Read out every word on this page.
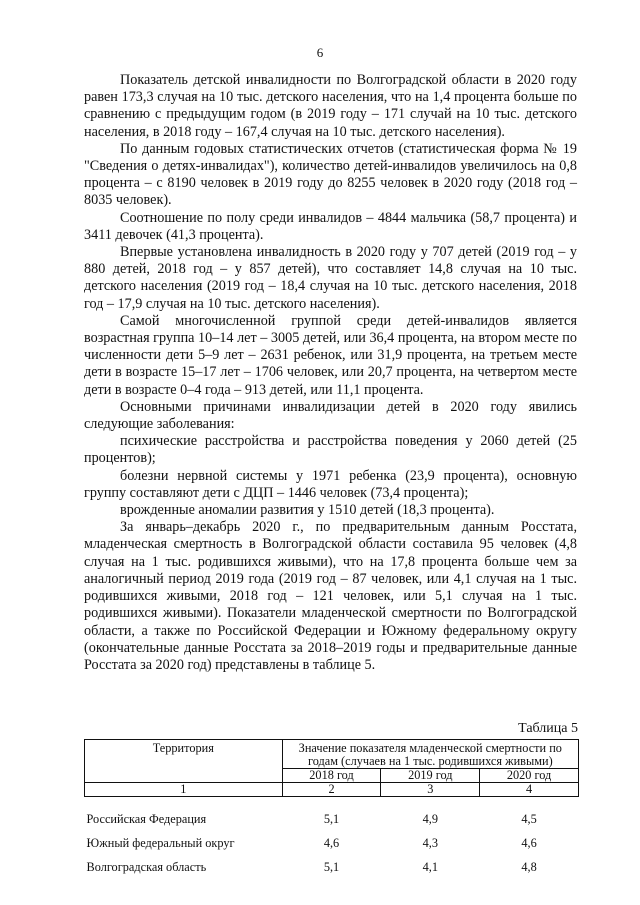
6

Показатель детской инвалидности по Волгоградской области в 2020 году равен 173,3 случая на 10 тыс. детского населения, что на 1,4 процента больше по сравнению с предыдущим годом (в 2019 году – 171 случай на 10 тыс. детского населения, в 2018 году – 167,4 случая на 10 тыс. детского населения).

По данным годовых статистических отчетов (статистическая форма № 19 "Сведения о детях-инвалидах"), количество детей-инвалидов увеличилось на 0,8 процента – с 8190 человек в 2019 году до 8255 человек в 2020 году (2018 год – 8035 человек).

Соотношение по полу среди инвалидов – 4844 мальчика (58,7 процента) и 3411 девочек (41,3 процента).

Впервые установлена инвалидность в 2020 году у 707 детей (2019 год – у 880 детей, 2018 год – у 857 детей), что составляет 14,8 случая на 10 тыс. детского населения (2019 год – 18,4 случая на 10 тыс. детского населения, 2018 год – 17,9 случая на 10 тыс. детского населения).

Самой многочисленной группой среди детей-инвалидов является возрастная группа 10–14 лет – 3005 детей, или 36,4 процента, на втором месте по численности дети 5–9 лет – 2631 ребенок, или 31,9 процента, на третьем месте дети в возрасте 15–17 лет – 1706 человек, или 20,7 процента, на четвертом месте дети в возрасте 0–4 года – 913 детей, или 11,1 процента.

Основными причинами инвалидизации детей в 2020 году явились следующие заболевания:

психические расстройства и расстройства поведения у 2060 детей (25 процентов);

болезни нервной системы у 1971 ребенка (23,9 процента), основную группу составляют дети с ДЦП – 1446 человек (73,4 процента);

врожденные аномалии развития у 1510 детей (18,3 процента).

За январь–декабрь 2020 г., по предварительным данным Росстата, младенческая смертность в Волгоградской области составила 95 человек (4,8 случая на 1 тыс. родившихся живыми), что на 17,8 процента больше чем за аналогичный период 2019 года (2019 год – 87 человек, или 4,1 случая на 1 тыс. родившихся живыми, 2018 год – 121 человек, или 5,1 случая на 1 тыс. родившихся живыми). Показатели младенческой смертности по Волгоградской области, а также по Российской Федерации и Южному федеральному округу (окончательные данные Росстата за 2018–2019 годы и предварительные данные Росстата за 2020 год) представлены в таблице 5.

Таблица 5
Территория	Значение показателя младенческой смертности по годам (случаев на 1 тыс. родившихся живыми)		
	2018 год	2019 год	2020 год
1	2	3	4

Российская Федерация	5,1	4,9	4,5
Южный федеральный округ	4,6	4,3	4,6
Волгоградская область	5,1	4,1	4,8
